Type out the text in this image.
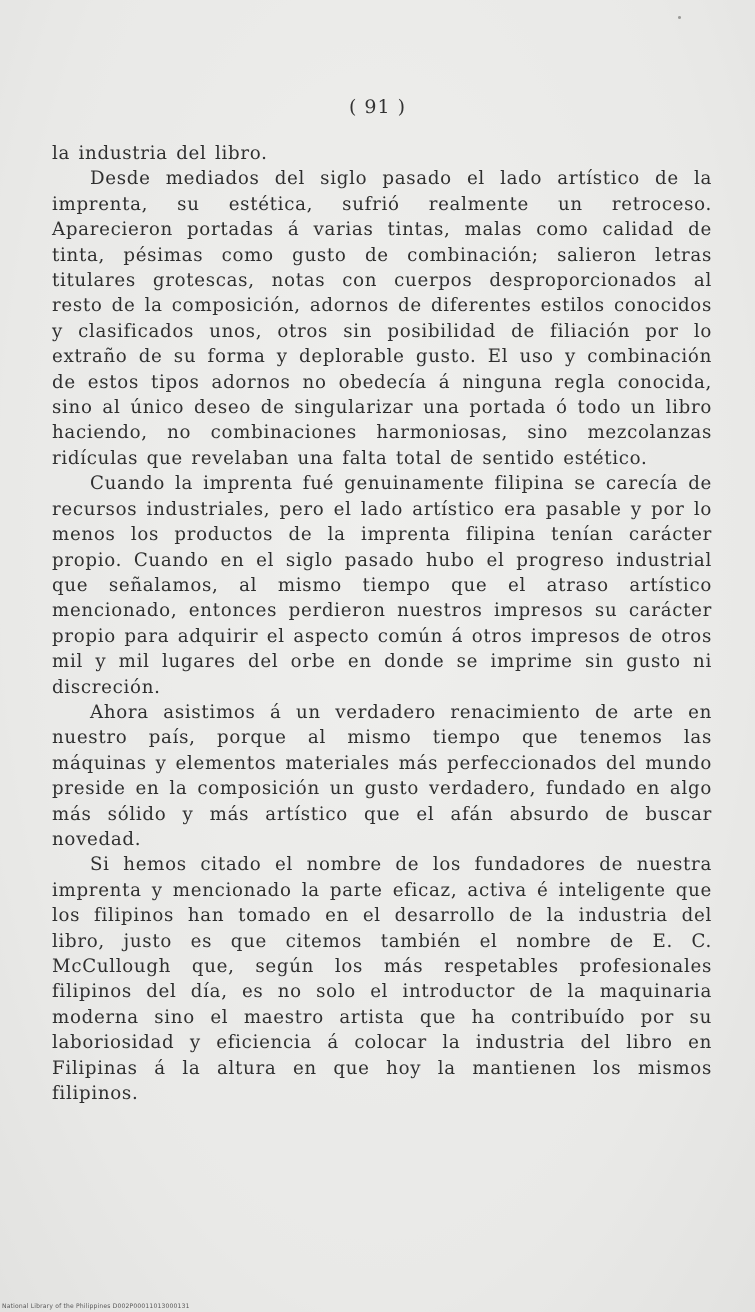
( 91 )

la industria del libro.

Desde mediados del siglo pasado el lado artístico de la imprenta, su estética, sufrió realmente un retroceso. Aparecieron portadas á varias tintas, malas como calidad de tinta, pésimas como gusto de combinación; salieron letras titulares grotescas, notas con cuerpos desproporcionados al resto de la composición, adornos de diferentes estilos conocidos y clasificados unos, otros sin posibilidad de filiación por lo extraño de su forma y deplorable gusto. El uso y combinación de estos tipos adornos no obedecía á ninguna regla conocida, sino al único deseo de singularizar una portada ó todo un libro haciendo, no combinaciones harmoniosas, sino mezcolanzas ridículas que revelaban una falta total de sentido estético.

Cuando la imprenta fué genuinamente filipina se carecía de recursos industriales, pero el lado artístico era pasable y por lo menos los productos de la imprenta filipina tenían carácter propio. Cuando en el siglo pasado hubo el progreso industrial que señalamos, al mismo tiempo que el atraso artístico mencionado, entonces perdieron nuestros impresos su carácter propio para adquirir el aspecto común á otros impresos de otros mil y mil lugares del orbe en donde se imprime sin gusto ni discreción.

Ahora asistimos á un verdadero renacimiento de arte en nuestro país, porque al mismo tiempo que tenemos las máquinas y elementos materiales más perfeccionados del mundo preside en la composición un gusto verdadero, fundado en algo más sólido y más artístico que el afán absurdo de buscar novedad.

Si hemos citado el nombre de los fundadores de nuestra imprenta y mencionado la parte eficaz, activa é inteligente que los filipinos han tomado en el desarrollo de la industria del libro, justo es que citemos también el nombre de E. C. McCullough que, según los más respetables profesionales filipinos del día, es no solo el introductor de la maquinaria moderna sino el maestro artista que ha contribuído por su laboriosidad y eficiencia á colocar la industria del libro en Filipinas á la altura en que hoy la mantienen los mismos filipinos.

National Library of the Philippines D002P00011013000131
